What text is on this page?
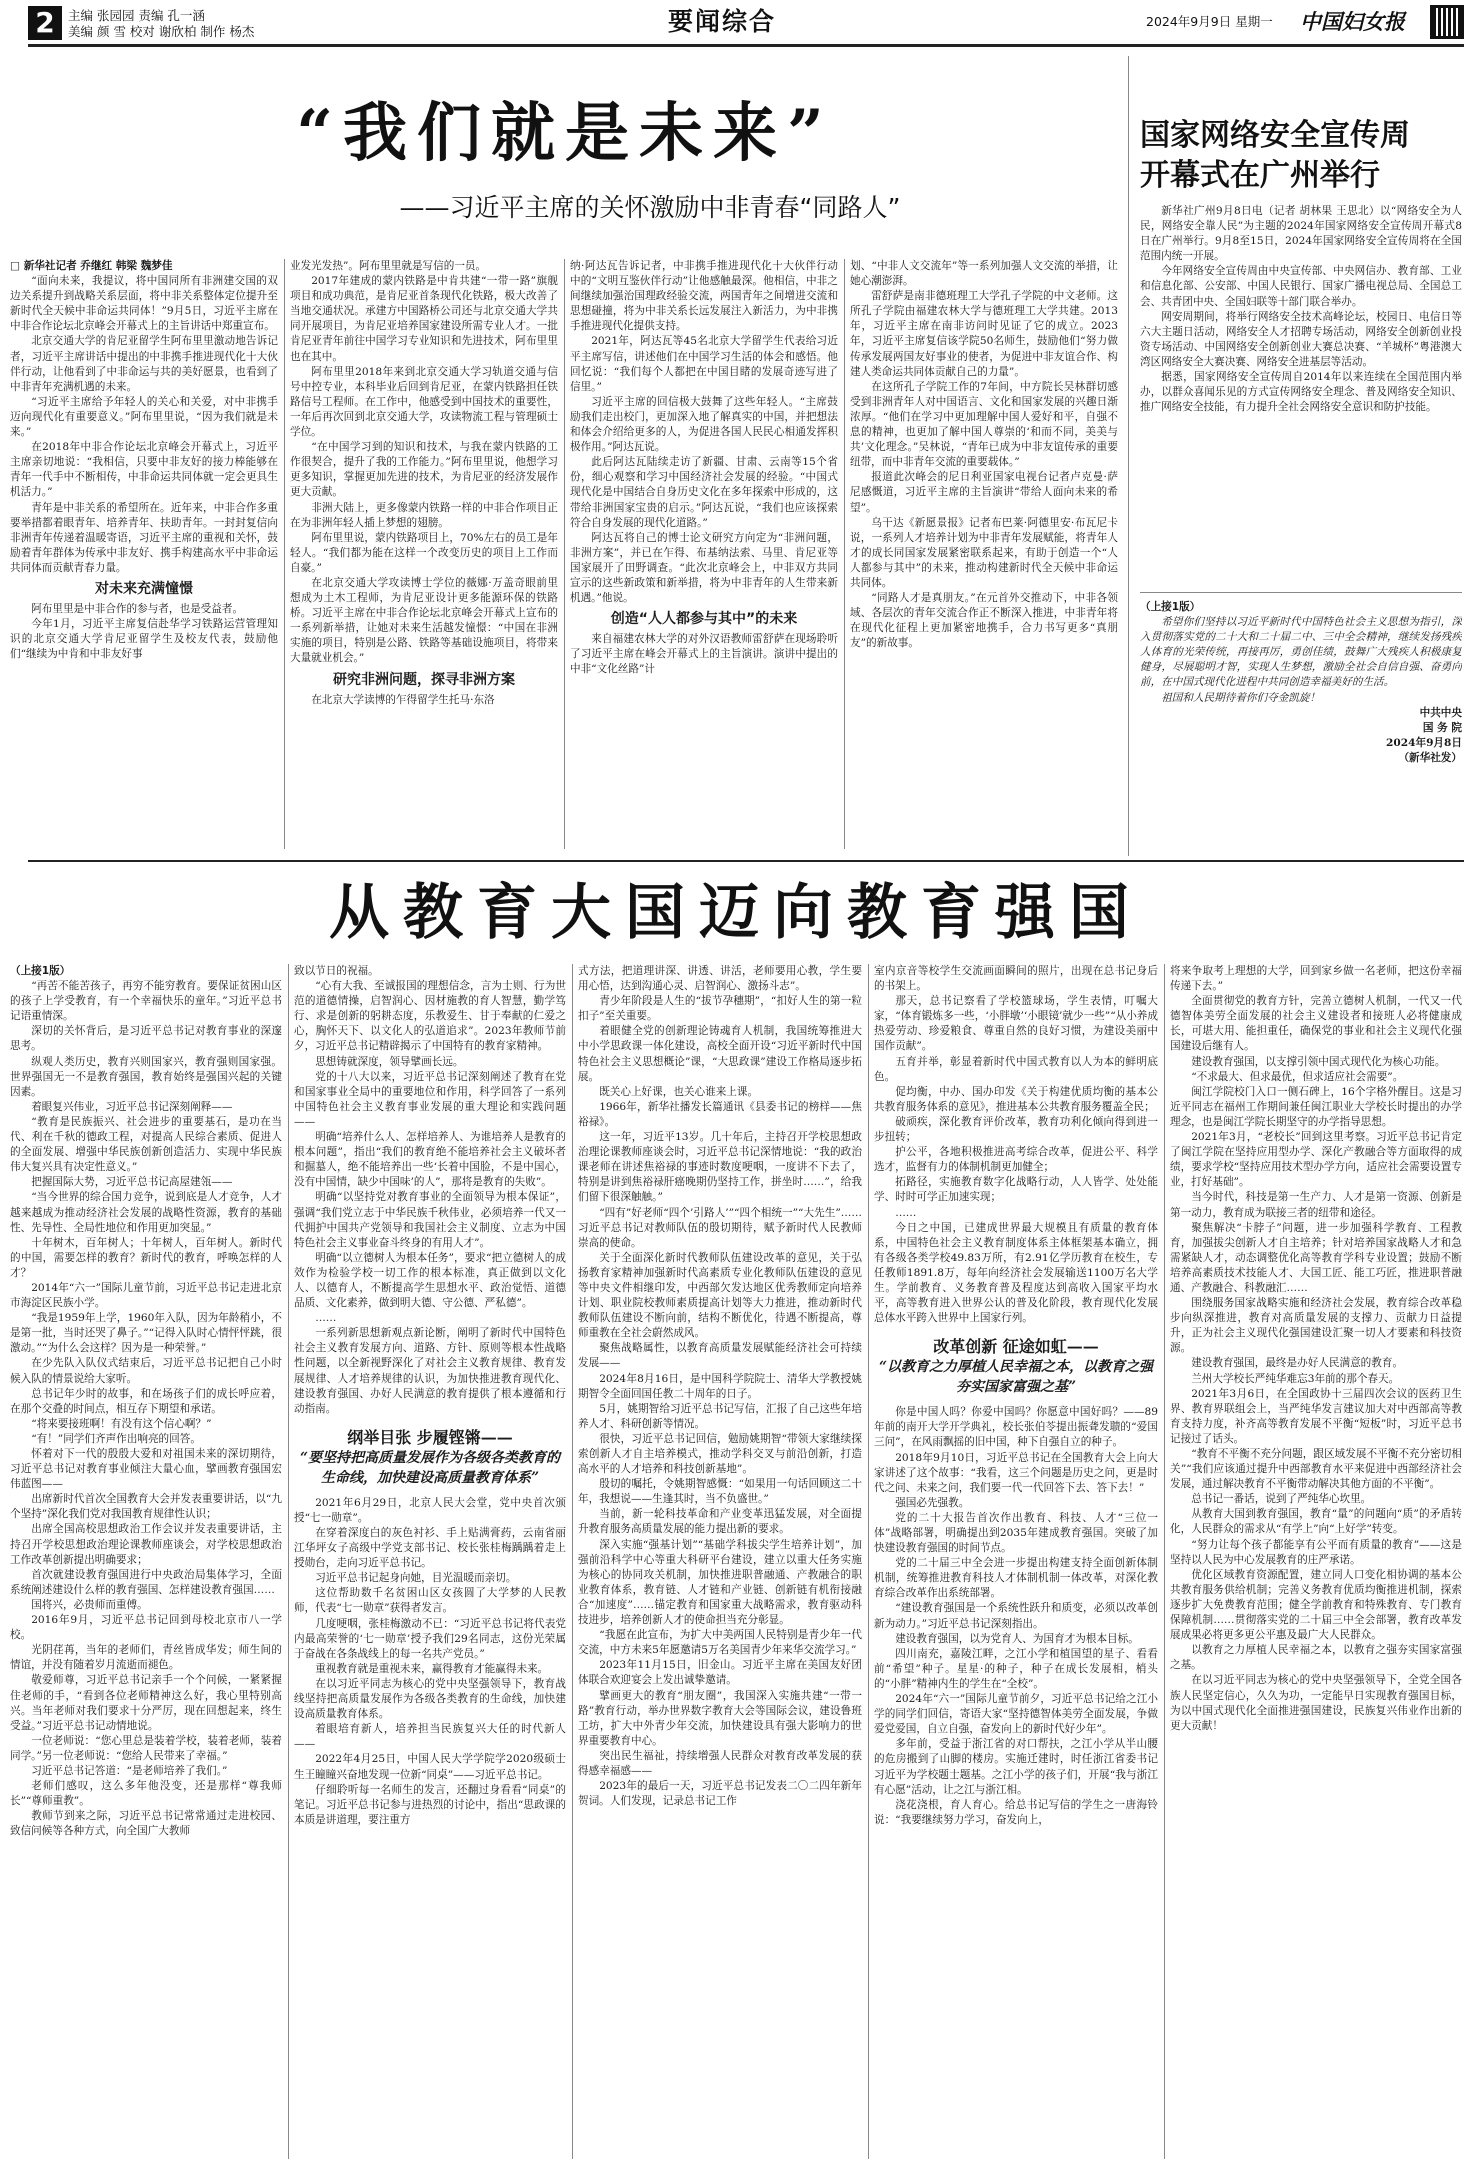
2	主编 张园园 责编 孔一涵
美编 颜 雪 校对 谢欣柏 制作 杨杰	要闻综合	2024年9月9日 星期一	中国妇女报
“我们就是未来”
——习近平主席的关怀激励中非青春“同路人”

□ 新华社记者 乔继红 韩梁 魏梦佳

“面向未来，我提议，将中国同所有非洲建交国的双边关系提升到战略关系层面，将中非关系整体定位提升至新时代全天候中非命运共同体！”9月5日，习近平主席在中非合作论坛北京峰会开幕式上的主旨讲话中郑重宣布。

北京交通大学的肯尼亚留学生阿布里里激动地告诉记者，习近平主席讲话中提出的中非携手推进现代化十大伙伴行动，让他看到了中非命运与共的美好愿景，也看到了中非青年充满机遇的未来。

“习近平主席给予年轻人的关心和关爱，对中非携手迈向现代化有重要意义。”阿布里里说，“因为我们就是未来。”

在2018年中非合作论坛北京峰会开幕式上，习近平主席亲切地说：“我相信，只要中非友好的接力棒能够在青年一代手中不断相传，中非命运共同体就一定会更具生机活力。”

青年是中非关系的希望所在。近年来，中非合作多重要举措都着眼青年、培养青年、扶助青年。一封封复信向非洲青年传递着温暖寄语，习近平主席的重视和关怀，鼓励着青年群体为传承中非友好、携手构建高水平中非命运共同体而贡献青春力量。

对未来充满憧憬

阿布里里是中非合作的参与者，也是受益者。

今年1月，习近平主席复信赴华学习铁路运营管理知识的北京交通大学肯尼亚留学生及校友代表，鼓励他们“继续为中肯和中非友好事

业发光发热”。阿布里里就是写信的一员。

2017年建成的蒙内铁路是中肯共建“一带一路”旗舰项目和成功典范，是肯尼亚首条现代化铁路，极大改善了当地交通状况。承建方中国路桥公司还与北京交通大学共同开展项目，为肯尼亚培养国家建设所需专业人才。一批肯尼亚青年前往中国学习专业知识和先进技术，阿布里里也在其中。

阿布里里2018年来到北京交通大学习轨道交通与信号中控专业，本科毕业后回到肯尼亚，在蒙内铁路担任铁路信号工程师。在工作中，他感受到中国技术的重要性，一年后再次回到北京交通大学，攻读物流工程与管理硕士学位。

“在中国学习到的知识和技术，与我在蒙内铁路的工作很契合，提升了我的工作能力。”阿布里里说，他想学习更多知识，掌握更加先进的技术，为肯尼亚的经济发展作更大贡献。

非洲大陆上，更多像蒙内铁路一样的中非合作项目正在为非洲年轻人插上梦想的翅膀。

阿布里里说，蒙内铁路项目上，70%左右的员工是年轻人。“我们都为能在这样一个改变历史的项目上工作而自豪。”

在北京交通大学攻读博士学位的薇娜·万盖奇眼前里想成为土木工程师，为肯尼亚设计更多能源环保的铁路桥。习近平主席在中非合作论坛北京峰会开幕式上宣布的一系列新举措，让她对未来生活越发憧憬：“中国在非洲实施的项目，特别是公路、铁路等基础设施项目，将带来大量就业机会。”

研究非洲问题，探寻非洲方案

在北京大学读博的乍得留学生托马·东洛

纳·阿达瓦告诉记者，中非携手推进现代化十大伙伴行动中的“文明互鉴伙伴行动”让他感触最深。他相信，中非之间继续加强治国理政经验交流，两国青年之间增进交流和思想碰撞，将为中非关系长远发展注入新活力，为中非携手推进现代化提供支持。

2021年，阿达瓦等45名北京大学留学生代表给习近平主席写信，讲述他们在中国学习生活的体会和感悟。他回忆说：“我们每个人都把在中国目睹的发展奇迹写进了信里。”

习近平主席的回信极大鼓舞了这些年轻人。“主席鼓励我们走出校门，更加深入地了解真实的中国，并把想法和体会介绍给更多的人，为促进各国人民民心相通发挥积极作用。”阿达瓦说。

此后阿达瓦陆续走访了新疆、甘肃、云南等15个省份，细心观察和学习中国经济社会发展的经验。“中国式现代化是中国结合自身历史文化在多年探索中形成的，这带给非洲国家宝贵的启示。”阿达瓦说，“我们也应该探索符合自身发展的现代化道路。”

阿达瓦将自己的博士论文研究方向定为“非洲问题，非洲方案”，并已在乍得、布基纳法索、马里、肯尼亚等国家展开了田野调查。“此次北京峰会上，中非双方共同宣示的这些新政策和新举措，将为中非青年的人生带来新机遇。”他说。

创造“人人都参与其中”的未来

来自福建农林大学的对外汉语教师雷舒萨在现场聆听了习近平主席在峰会开幕式上的主旨演讲。演讲中提出的中非“文化丝路”计

划、“中非人文交流年”等一系列加强人文交流的举措，让她心潮澎湃。

雷舒萨是南非德班理工大学孔子学院的中文老师。这所孔子学院由福建农林大学与德班理工大学共建。2013年，习近平主席在南非访问时见证了它的成立。2023年，习近平主席复信该学院50名师生，鼓励他们“努力做传承发展两国友好事业的使者，为促进中非友谊合作、构建人类命运共同体贡献自己的力量”。

在这所孔子学院工作的7年间，中方院长吴林群切感受到非洲青年人对中国语言、文化和国家发展的兴趣日渐浓厚。“他们在学习中更加理解中国人爱好和平，自强不息的精神，也更加了解中国人尊崇的‘和而不同，美美与共’文化理念。”吴林说，“青年已成为中非友谊传承的重要纽带，而中非青年交流的重要载体。”

报道此次峰会的尼日利亚国家电视台记者卢克曼·萨尼感慨道，习近平主席的主旨演讲“带给人面向未来的希望”。

乌干达《新愿景报》记者布巴莱·阿德里安·布瓦尼卡说，一系列人才培养计划为中非青年发展赋能，将青年人才的成长同国家发展紧密联系起来，有助于创造一个“人人都参与其中”的未来，推动构建新时代全天候中非命运共同体。

“同路人才是真朋友。”在元首外交推动下，中非各领域、各层次的青年交流合作正不断深入推进，中非青年将在现代化征程上更加紧密地携手，合力书写更多“真朋友”的新故事。

国家网络安全宣传周
开幕式在广州举行

新华社广州9月8日电（记者 胡林果 王思北）以“网络安全为人民，网络安全靠人民”为主题的2024年国家网络安全宣传周开幕式8日在广州举行。9月8至15日，2024年国家网络安全宣传周将在全国范围内统一开展。

今年网络安全宣传周由中央宣传部、中央网信办、教育部、工业和信息化部、公安部、中国人民银行、国家广播电视总局、全国总工会、共青团中央、全国妇联等十部门联合举办。

网安周期间，将举行网络安全技术高峰论坛，校园日、电信日等六大主题日活动，网络安全人才招聘专场活动，网络安全创新创业投资专场活动、中国网络安全创新创业大赛总决赛、“羊城杯”粤港澳大湾区网络安全大赛决赛、网络安全进基层等活动。

据悉，国家网络安全宣传周自2014年以来连续在全国范围内举办，以群众喜闻乐见的方式宣传网络安全理念、普及网络安全知识、推广网络安全技能，有力提升全社会网络安全意识和防护技能。

（上接1版）

希望你们坚持以习近平新时代中国特色社会主义思想为指引，深入贯彻落实党的二十大和二十届二中、三中全会精神，继续发扬残疾人体育的光荣传统，再接再厉，勇创佳绩，鼓舞广大残疾人积极康复健身，尽展聪明才智，实现人生梦想，激励全社会自信自强、奋勇向前，在中国式现代化进程中共同创造幸福美好的生活。

祖国和人民期待着你们夺金凯旋！

中共中央

国 务 院

2024年9月8日

（新华社发）

从教育大国迈向教育强国

（上接1版）

“再苦不能苦孩子，再穷不能穷教育。要保证贫困山区的孩子上学受教育，有一个幸福快乐的童年。”习近平总书记语重情深。

深切的关怀背后，是习近平总书记对教育事业的深邃思考。

纵观人类历史，教育兴则国家兴，教育强则国家强。世界强国无一不是教育强国，教育始终是强国兴起的关键因素。

着眼复兴伟业，习近平总书记深刻阐释——

“教育是民族振兴、社会进步的重要基石，是功在当代、利在千秋的德政工程，对提高人民综合素质、促进人的全面发展、增强中华民族创新创造活力、实现中华民族伟大复兴具有决定性意义。”

把握国际大势，习近平总书记高屋建瓴——

“当今世界的综合国力竞争，说到底是人才竞争，人才越来越成为推动经济社会发展的战略性资源，教育的基础性、先导性、全局性地位和作用更加突显。”

十年树木，百年树人；十年树人，百年树人。新时代的中国，需要怎样的教育？新时代的教育，呼唤怎样的人才？

2014年“六一”国际儿童节前，习近平总书记走进北京市海淀区民族小学。

“我是1959年上学，1960年入队，因为年龄稍小，不是第一批，当时还哭了鼻子。”“记得入队时心情怦怦跳，很激动。”“为什么会这样？因为是一种荣誉。”

在少先队入队仪式结束后，习近平总书记把自己小时候入队的情景说给大家听。

总书记年少时的故事，和在场孩子们的成长呼应着，在那个交叠的时间点，相互存下期望和承诺。

“将来要接班啊！有没有这个信心啊？”

“有！”同学们齐声作出响亮的回答。

怀着对下一代的殷殷大爱和对祖国未来的深切期待，习近平总书记对教育事业倾注大量心血，擘画教育强国宏伟蓝图——

出席新时代首次全国教育大会并发表重要讲话，以“九个坚持”深化我们党对我国教育规律性认识；

出席全国高校思想政治工作会议并发表重要讲话，主持召开学校思想政治理论课教师座谈会，对学校思想政治工作改革创新提出明确要求；

首次就建设教育强国进行中央政治局集体学习，全面系统阐述建设什么样的教育强国、怎样建设教育强国……

国将兴，必贵师而重傅。

2016年9月，习近平总书记回到母校北京市八一学校。

光阴荏苒，当年的老师们，青丝皆成华发；师生间的情谊，并没有随着岁月流逝而褪色。

敬爱师尊，习近平总书记亲手一个个问候，一紧紧握住老师的手，“看到各位老师精神这么好，我心里特别高兴。当年老师对我们要求十分严厉，现在回想起来，终生受益。”习近平总书记动情地说。

一位老师说：“您心里总是装着学校，装着老师，装着同学。”另一位老师说：“您给人民带来了幸福。”

习近平总书记答道：“是老师培养了我们。”

老师们感叹，这么多年他没变，还是那样“尊我师长”“尊师重教”。

教师节到来之际，习近平总书记常常通过走进校园、致信问候等各种方式，向全国广大教师

致以节日的祝福。

“心有大我、至诚报国的理想信念，言为士则、行为世范的道德情操，启智润心、因材施教的育人智慧，勤学笃行、求是创新的躬耕态度，乐教爱生、甘于奉献的仁爱之心，胸怀天下、以文化人的弘道追求”。2023年教师节前夕，习近平总书记精辟揭示了中国特有的教育家精神。

思想铸就深度，领导擘画长远。

党的十八大以来，习近平总书记深刻阐述了教育在党和国家事业全局中的重要地位和作用，科学回答了一系列中国特色社会主义教育事业发展的重大理论和实践问题——

明确“培养什么人、怎样培养人、为谁培养人是教育的根本问题”，指出“我们的教育绝不能培养社会主义破坏者和掘墓人，绝不能培养出一些‘长着中国脸，不是中国心，没有中国情，缺少中国味’的人”，那将是教育的失败”。

明确“以坚持党对教育事业的全面领导为根本保证”，强调“我们党立志于中华民族千秋伟业，必须培养一代又一代拥护中国共产党领导和我国社会主义制度、立志为中国特色社会主义事业奋斗终身的有用人才”。

明确“以立德树人为根本任务”，要求“把立德树人的成效作为检验学校一切工作的根本标准，真正做到以文化人、以德育人，不断提高学生思想水平、政治觉悟、道德品质、文化素养，做到明大德、守公德、严私德”。

……

一系列新思想新观点新论断，阐明了新时代中国特色社会主义教育发展方向、道路、方针、原则等根本性战略性问题，以全新视野深化了对社会主义教育规律、教育发展规律、人才培养规律的认识，为加快推进教育现代化、建设教育强国、办好人民满意的教育提供了根本遵循和行动指南。

纲举目张 步履铿锵——
“要坚持把高质量发展作为各级各类教育的生命线，加快建设高质量教育体系”

2021年6月29日，北京人民大会堂，党中央首次颁授“七一勋章”。

在穿着深度白的灰色衬衫、手上贴满膏药，云南省丽江华坪女子高级中学党支部书记、校长张桂梅踽踽着走上授勋台，走向习近平总书记。

习近平总书记起身向她，目光温暖而亲切。

这位帮助数千名贫困山区女孩圆了大学梦的人民教师，代表“七一勋章”获得者发言。

几度哽咽，张桂梅激动不已：“习近平总书记将代表党内最高荣誉的‘七一勋章’授予我们29名同志，这份光荣属于奋战在各条战线上的每一名共产党员。”

重视教育就是重视未来，赢得教育才能赢得未来。

在以习近平同志为核心的党中央坚强领导下，教育战线坚持把高质量发展作为各级各类教育的生命线，加快建设高质量教育体系。

着眼培育新人，培养担当民族复兴大任的时代新人——

2022年4月25日，中国人民大学学院学2020级硕士生王瞳瞳兴奋地发现一位新“同桌”——习近平总书记。

仔细聆听每一名师生的发言，还翻过身看看“同桌”的笔记。习近平总书记参与进热烈的讨论中，指出“思政课的本质是讲道理，要注重方

式方法，把道理讲深、讲透、讲活，老师要用心教，学生要用心悟，达到沟通心灵、启智润心、激扬斗志”。

青少年阶段是人生的“拔节孕穗期”，“扣好人生的第一粒扣子”至关重要。

着眼健全党的创新理论铸魂育人机制，我国统筹推进大中小学思政课一体化建设，高校全面开设“习近平新时代中国特色社会主义思想概论”课，“大思政课”建设工作格局逐步拓展。

既关心上好课，也关心谁来上课。

1966年，新华社播发长篇通讯《县委书记的榜样——焦裕禄》。

这一年，习近平13岁。几十年后，主持召开学校思想政治理论课教师座谈会时，习近平总书记深情地说：“我的政治课老师在讲述焦裕禄的事迹时数度哽咽，一度讲不下去了，特别是讲到焦裕禄肝癌晚期仍坚持工作，拼坐时……”，给我们留下很深触触。”

“四有”好老师“四个’引路人’”“四个相统一”“大先生”……习近平总书记对教师队伍的殷切期待，赋予新时代人民教师崇高的使命。

关于全面深化新时代教师队伍建设改革的意见，关于弘扬教育家精神加强新时代高素质专业化教师队伍建设的意见等中央文件相继印发，中西部欠发达地区优秀教师定向培养计划、职业院校教师素质提高计划等大力推进，推动新时代教师队伍建设不断向前，结构不断优化，待遇不断提高，尊师重教在全社会蔚然成风。

聚焦战略属性，以教育高质量发展赋能经济社会可持续发展——

2024年8月16日，是中国科学院院士、清华大学教授姚期智令全面回国任教二十周年的日子。

5月，姚期智给习近平总书记写信，汇报了自己这些年培养人才、科研创新等情况。

很快，习近平总书记回信，勉励姚期智“带领大家继续探索创新人才自主培养模式，推动学科交叉与前沿创新，打造高水平的人才培养和科技创新基地”。

殷切的嘱托，令姚期智感慨：“如果用一句话回顾这二十年，我想说——生逢其时，当不负盛世。”

当前，新一轮科技革命和产业变革迅猛发展，对全面提升教育服务高质量发展的能力提出新的要求。

深入实施“强基计划”“基础学科拔尖学生培养计划”，加强前沿科学中心等重大科研平台建设，建立以重大任务实施为核心的协同攻关机制，加快推进职普融通、产教融合的职业教育体系，教育链、人才链和产业链、创新链有机衔接融合“加速度”……锚定教育和国家重大战略需求，教育驱动科技进步，培养创新人才的使命担当充分彰显。

“我愿在此宣布，为扩大中美两国人民特别是青少年一代交流，中方未来5年愿邀请5万名美国青少年来华交流学习。”

2023年11月15日，旧金山。习近平主席在美国友好团体联合欢迎宴会上发出诚挚邀请。

擘画更大的教育“朋友圈”，我国深入实施共建“一带一路”教育行动，举办世界数字教育大会等国际会议，建设鲁班工坊，扩大中外青少年交流，加快建设具有强大影响力的世界重要教育中心。

突出民生福祉，持续增强人民群众对教育改革发展的获得感幸福感——

2023年的最后一天，习近平总书记发表二〇二四年新年贺词。人们发现，记录总书记工作

室内京音等校学生交流画面瞬间的照片，出现在总书记身后的书架上。

那天，总书记察看了学校篮球场，学生表情，叮嘱大家，“体育锻炼多一些，‘小胖墩’‘小眼镜’就少一些”“从小养成热爱劳动、珍爱粮食、尊重自然的良好习惯，为建设美丽中国作贡献”。

五育并举，彰显着新时代中国式教育以人为本的鲜明底色。

促均衡，中办、国办印发《关于构建优质均衡的基本公共教育服务体系的意见》，推进基本公共教育服务覆盖全民；

破顽疾，深化教育评价改革，教育功利化倾向得到进一步扭转；

护公平，各地积极推进高考综合改革，促进公平、科学选才，监督有力的体制机制更加健全；

拓路径，实施教育数字化战略行动，人人皆学、处处能学、时时可学正加速实现；

……

今日之中国，已建成世界最大规模且有质量的教育体系，中国特色社会主义教育制度体系主体框架基本确立，拥有各级各类学校49.83万所，有2.91亿学历教育在校生，专任教师1891.8万，每年向经济社会发展输送1100万名大学生。学前教育、义务教育普及程度达到高收入国家平均水平，高等教育进入世界公认的普及化阶段，教育现代化发展总体水平跨入世界中上国家行列。

改革创新 征途如虹——
“以教育之力厚植人民幸福之本，以教育之强夯实国家富强之基”

你是中国人吗？你爱中国吗？你愿意中国好吗？——89年前的南开大学开学典礼，校长张伯苓提出振聋发聩的“爱国三问”，在风雨飘摇的旧中国，种下自强自立的种子。

2018年9月10日，习近平总书记在全国教育大会上向大家讲述了这个故事：“我看，这三个问题是历史之问，更是时代之问、未来之问，我们要一代一代回答下去、答下去！”

强国必先强教。

党的二十大报告首次作出教育、科技、人才“三位一体”战略部署，明确提出到2035年建成教育强国。突破了加快建设教育强国的时间节点。

党的二十届三中全会进一步提出构建支持全面创新体制机制，统筹推进教育科技人才体制机制一体改革，对深化教育综合改革作出系统部署。

“建设教育强国是一个系统性跃升和质变，必须以改革创新为动力。”习近平总书记深刻指出。

建设教育强国，以为党育人、为国育才为根本目标。

四川南充，嘉陵江畔，之江小学和植国望的星子、看看前“希望”种子。星星·的种子，种子在成长发展相，梢头的“小胖”精神内生的学生在“全校”。

2024年“六一”国际儿童节前夕，习近平总书记给之江小学的同学们回信，寄语大家“坚持德智体美劳全面发展，争做爱党爱国，自立自强，奋发向上的新时代好少年”。

多年前，受益于浙江省的对口帮扶，之江小学从半山腰的危房搬到了山脚的楼房。实施迁建时，时任浙江省委书记习近平为学校题士题基。之江小学的孩子们，开展“我与浙江有心愿”活动，让之江与浙江相。

浇花浇根，育人育心。给总书记写信的学生之一唐海铃说：“我要继续努力学习，奋发向上，

将来争取考上理想的大学，回到家乡做一名老师，把这份幸福传递下去。”

全面贯彻党的教育方针，完善立德树人机制，一代又一代德智体美劳全面发展的社会主义建设者和接班人必将健康成长，可堪大用、能担重任，确保党的事业和社会主义现代化强国建设后继有人。

建设教育强国，以支撑引领中国式现代化为核心功能。

“不求最大、但求最优，但求适应社会需要”。

闽江学院校门入口一侧石碑上，16个字格外醒目。这是习近平同志在福州工作期间兼任闽江职业大学校长时提出的办学理念，也是闽江学院长期坚守的办学指导思想。

2021年3月，“老校长”回到这里考察。习近平总书记肯定了闽江学院在坚持应用型办学、深化产教融合等方面取得的成绩，要求学校“坚持应用技术型办学方向，适应社会需要设置专业，打好基础”。

当今时代，科技是第一生产力、人才是第一资源、创新是第一动力，教育成为联接三者的纽带和途径。

聚焦解决“卡脖子”问题，进一步加强科学教育、工程教育，加强拔尖创新人才自主培养；针对培养国家战略人才和急需紧缺人才，动态调整优化高等教育学科专业设置；鼓励不断培养高素质技术技能人才、大国工匠、能工巧匠，推进职普融通、产教融合、科教融汇……

围绕服务国家战略实施和经济社会发展，教育综合改革稳步向纵深推进，教育对高质量发展的支撑力、贡献力日益提升，正为社会主义现代化强国建设汇聚一切人才要素和科技资源。

建设教育强国，最终是办好人民满意的教育。

兰州大学校长严纯华难忘3年前的那个春天。

2021年3月6日，在全国政协十三届四次会议的医药卫生界、教育界联组会上，当严纯华发言建议加大对中西部高等教育支持力度，补齐高等教育发展不平衡“短板”时，习近平总书记接过了话头。

“教育不平衡不充分问题，跟区域发展不平衡不充分密切相关”“我们应该通过提升中西部教育水平来促进中西部经济社会发展，通过解决教育不平衡带动解决其他方面的不平衡”。

总书记一番话，说到了严纯华心坎里。

从教育大国到教育强国，教育“量”的问题向“质”的矛盾转化，人民群众的需求从“有学上”向“上好学”转变。

“努力让每个孩子都能享有公平而有质量的教育”——这是坚持以人民为中心发展教育的庄严承诺。

优化区域教育资源配置，建立同人口变化相协调的基本公共教育服务供给机制；完善义务教育优质均衡推进机制，探索逐步扩大免费教育范围；健全学前教育和特殊教育、专门教育保障机制……贯彻落实党的二十届三中全会部署，教育改革发展成果必将更多更公平惠及最广大人民群众。

以教育之力厚植人民幸福之本，以教育之强夯实国家富强之基。

在以习近平同志为核心的党中央坚强领导下，全党全国各族人民坚定信心，久久为功，一定能早日实现教育强国目标，为以中国式现代化全面推进强国建设，民族复兴伟业作出新的更大贡献！
